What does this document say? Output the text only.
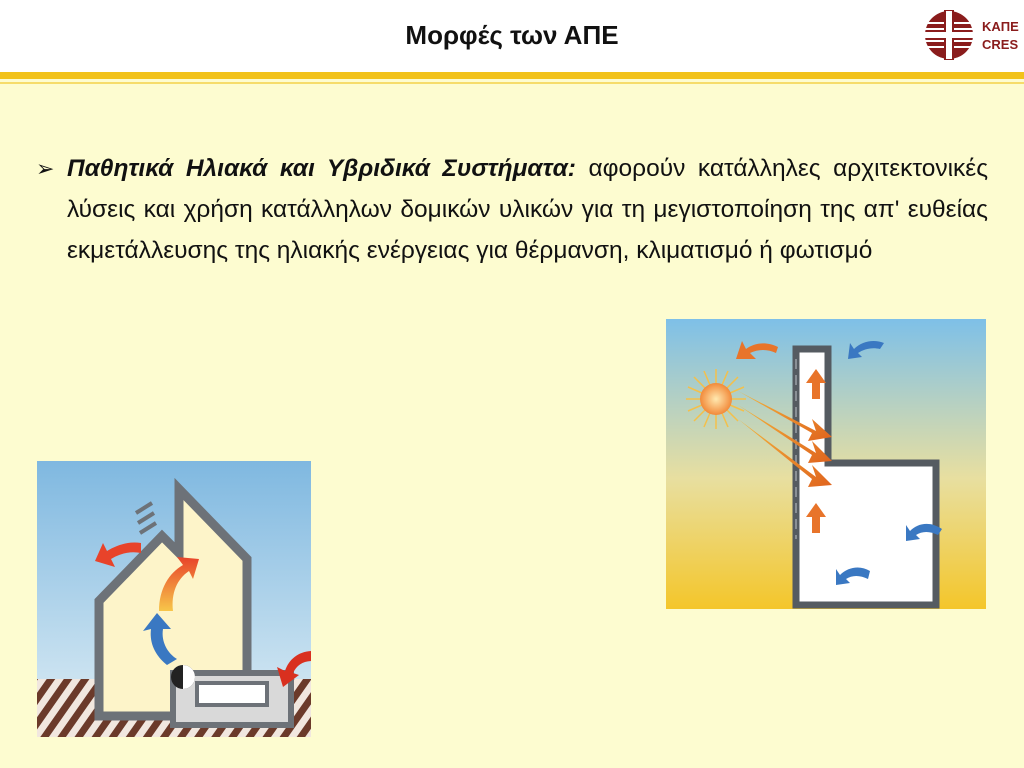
Μορφές των ΑΠΕ	ΚΑΠΕ
CRES
➢ Παθητικά Ηλιακά και Υβριδικά Συστήματα: αφορούν κατάλληλες αρχιτεκτονικές λύσεις και χρήση κατάλληλων δομικών υλικών για τη μεγιστοποίηση της απ' ευθείας εκμετάλλευσης της ηλιακής ενέργειας για θέρμανση, κλιματισμό ή φωτισμό
